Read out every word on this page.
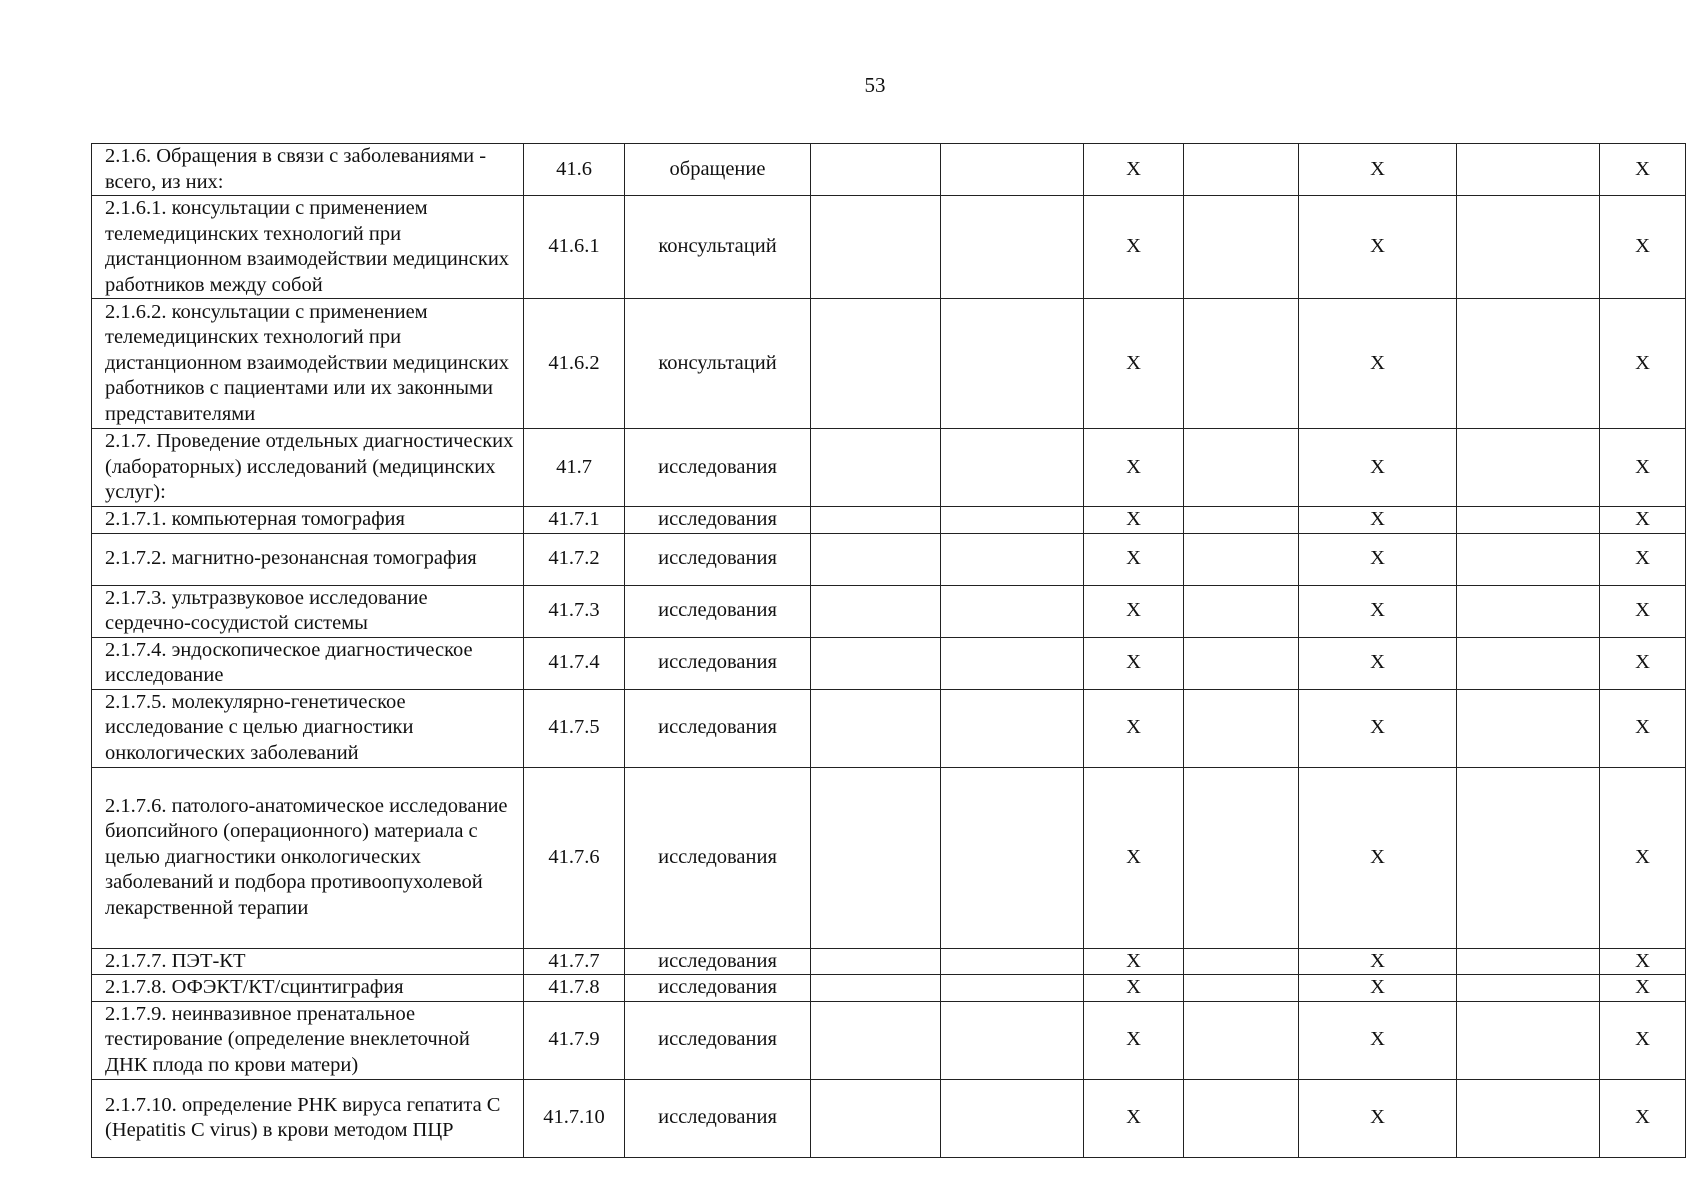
53
2.1.6. Обращения в связи с заболеваниями - всего, из них:	41.6	обращение			X		X		X
2.1.6.1. консультации с применением телемедицинских технологий при дистанционном взаимодействии медицинских работников между собой	41.6.1	консультаций			X		X		X
2.1.6.2. консультации с применением телемедицинских технологий при дистанционном взаимодействии медицинских работников с пациентами или их законными представителями	41.6.2	консультаций			X		X		X
2.1.7. Проведение отдельных диагностических (лабораторных) исследований (медицинских услуг):	41.7	исследования			X		X		X
2.1.7.1. компьютерная томография	41.7.1	исследования			X		X		X
2.1.7.2. магнитно-резонансная томография	41.7.2	исследования			X		X		X
2.1.7.3. ультразвуковое исследование сердечно-сосудистой системы	41.7.3	исследования			X		X		X
2.1.7.4. эндоскопическое диагностическое исследование	41.7.4	исследования			X		X		X
2.1.7.5. молекулярно-генетическое исследование с целью диагностики онкологических заболеваний	41.7.5	исследования			X		X		X
2.1.7.6. патолого-анатомическое исследование биопсийного (операционного) материала с целью диагностики онкологических заболеваний и подбора противоопухолевой лекарственной терапии	41.7.6	исследования			X		X		X
2.1.7.7. ПЭТ-КТ	41.7.7	исследования			X		X		X
2.1.7.8. ОФЭКТ/КТ/сцинтиграфия	41.7.8	исследования			X		X		X
2.1.7.9. неинвазивное пренатальное тестирование (определение внеклеточной ДНК плода по крови матери)	41.7.9	исследования			X		X		X
2.1.7.10. определение РНК вируса гепатита С (Hepatitis C virus) в крови методом ПЦР	41.7.10	исследования			X		X		X
